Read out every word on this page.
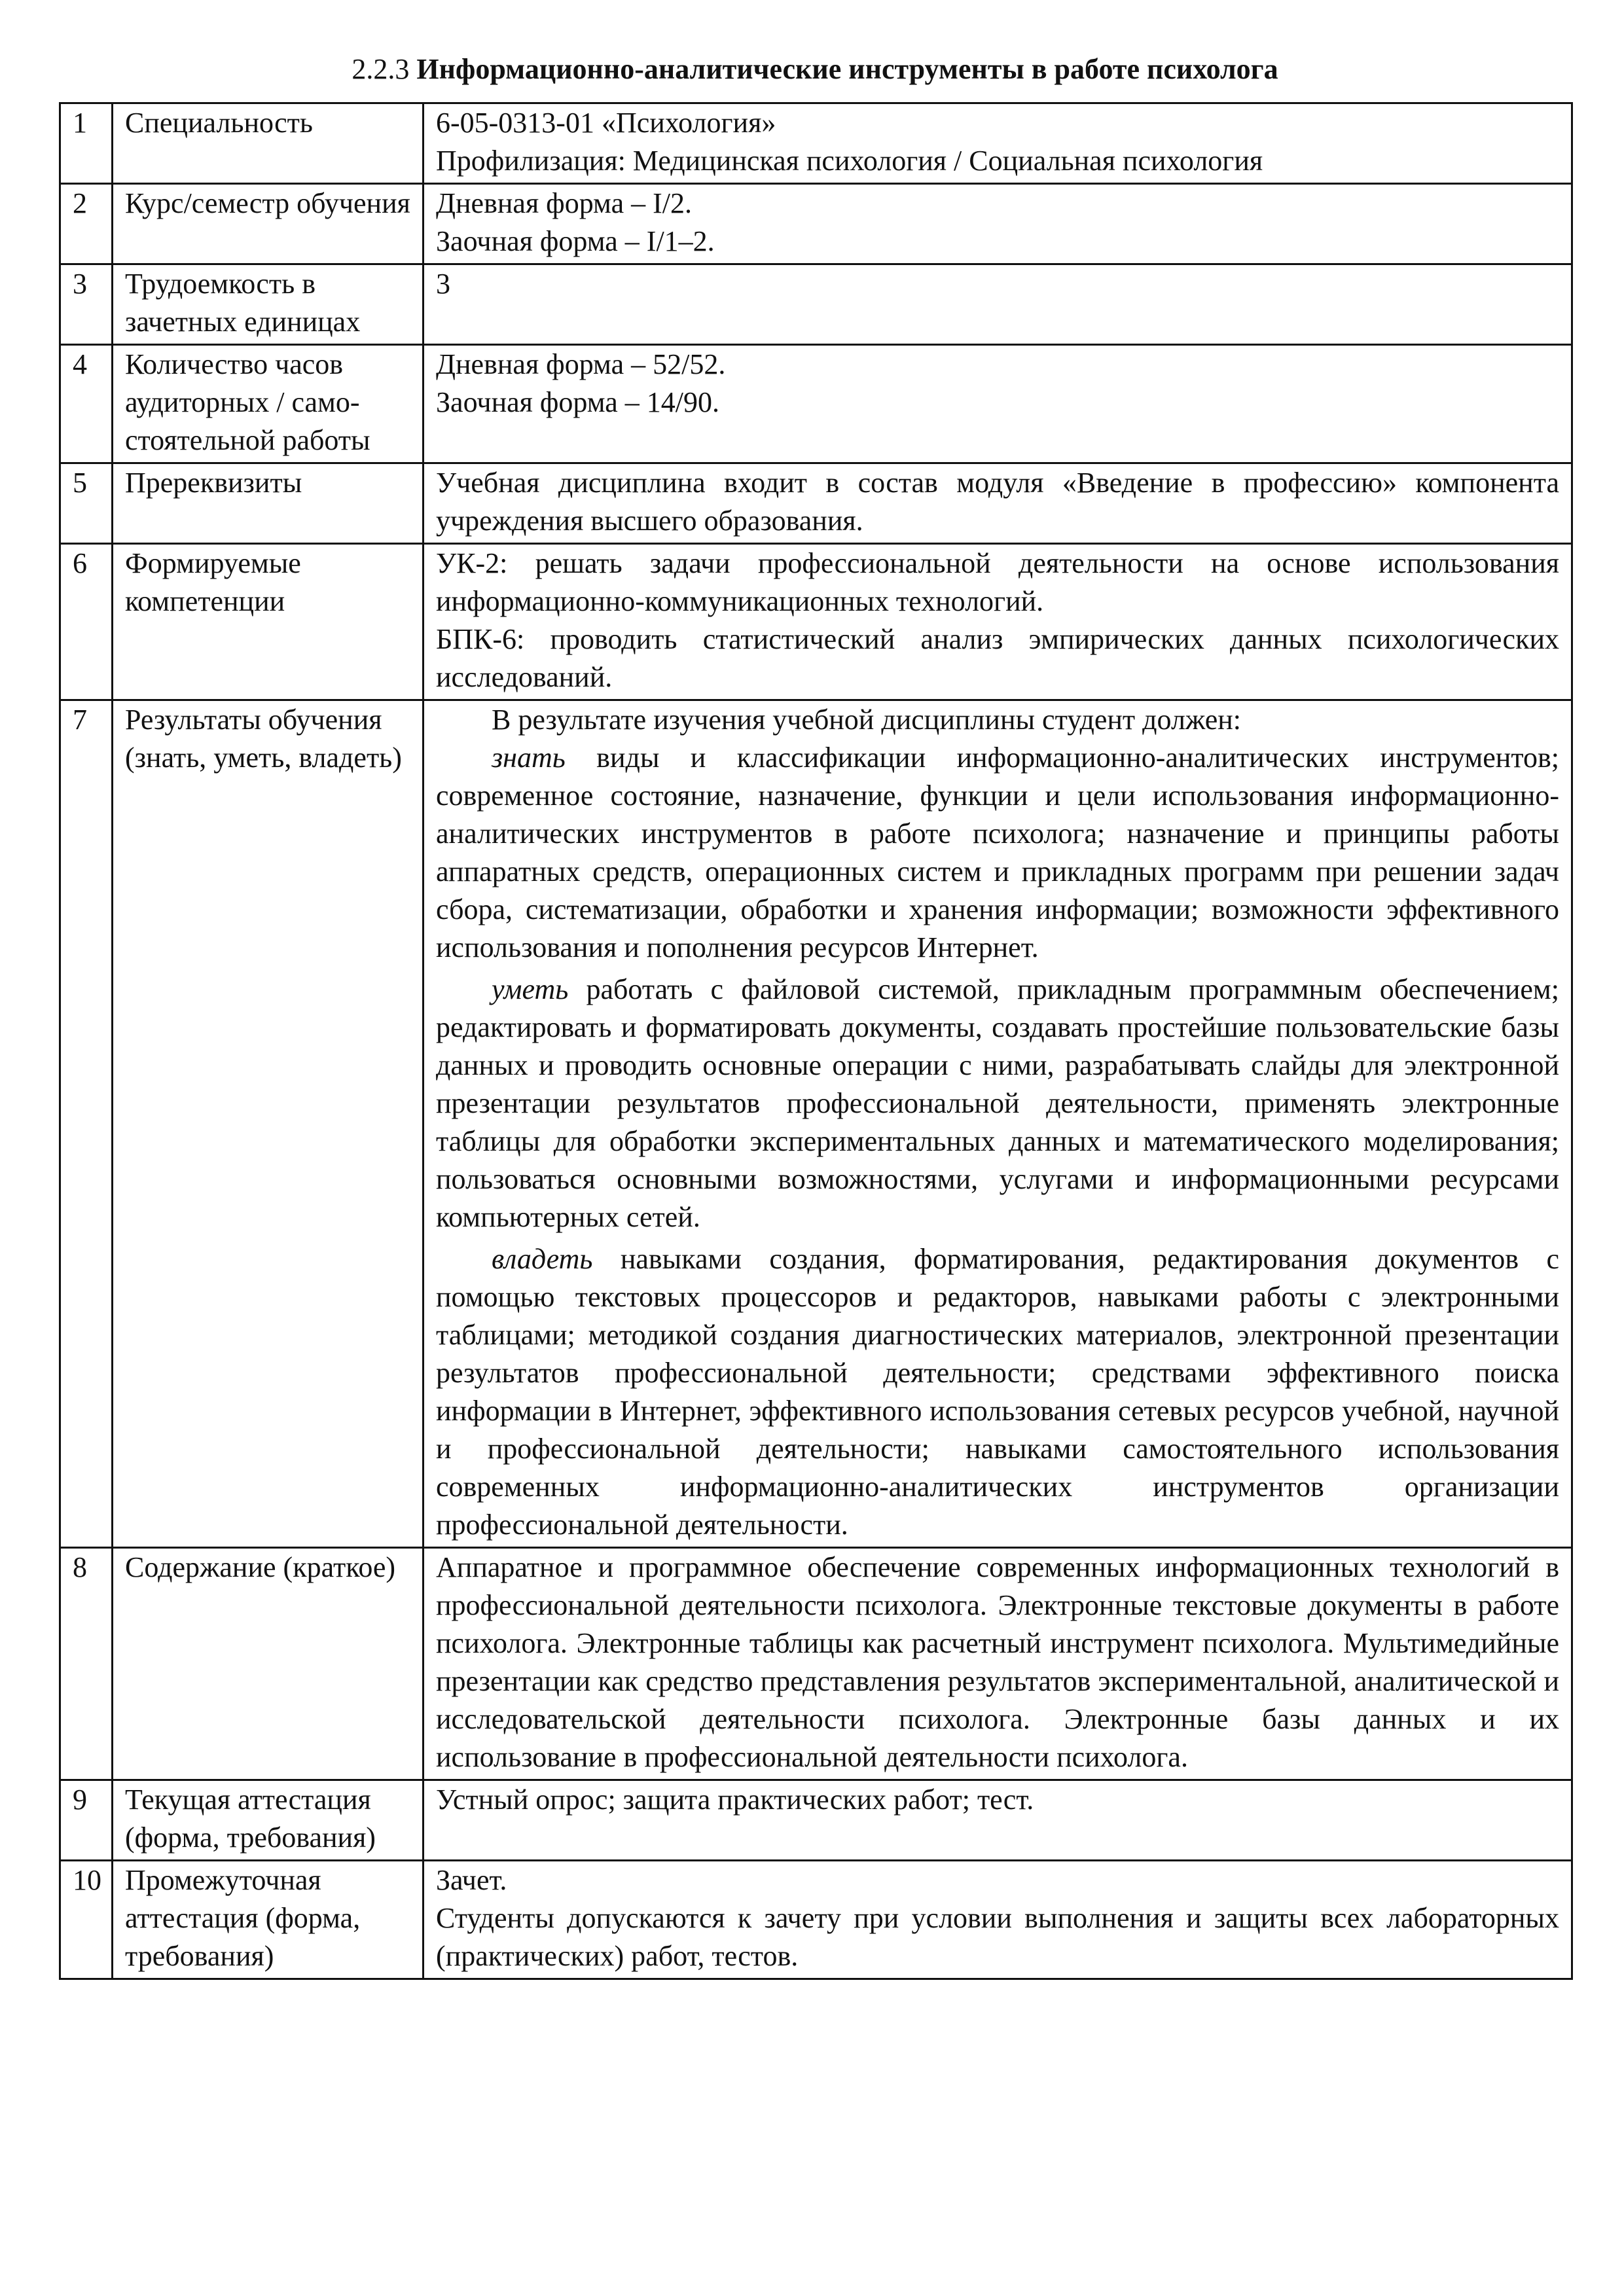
2.2.3 Информационно-аналитические инструменты в работе психолога
1	Специальность	6-05-0313-01 «Психология»
Профилизация: Медицинская психология / Социальная психология

2	Курс/семестр обучения	Дневная форма – I/2.
Заочная форма – I/1–2.

3	Трудоемкость в зачетных единицах	3

4	Количество часов аудиторных / само-стоятельной работы	Дневная форма – 52/52.
Заочная форма – 14/90.

5	Пререквизиты	Учебная дисциплина входит в состав модуля «Введение в профессию» компонента учреждения высшего образования.

6	Формируемые компетенции	УК-2: решать задачи профессиональной деятельности на основе использования информационно-коммуникационных технологий.
БПК-6: проводить статистический анализ эмпирических данных психологических исследований.

7	Результаты обучения (знать, уметь, владеть)	В результате изучения учебной дисциплины студент должен:
знать виды и классификации информационно-аналитических инструментов; современное состояние, назначение, функции и цели использования информационно-аналитических инструментов в работе психолога; назначение и принципы работы аппаратных средств, операционных систем и прикладных программ при решении задач сбора, систематизации, обработки и хранения информации; возможности эффективного использования и пополнения ресурсов Интернет.
уметь работать с файловой системой, прикладным программным обеспечением; редактировать и форматировать документы, создавать простейшие пользовательские базы данных и проводить основные операции с ними, разрабатывать слайды для электронной презентации результатов профессиональной деятельности, применять электронные таблицы для обработки экспериментальных данных и математического моделирования; пользоваться основными возможностями, услугами и информационными ресурсами компьютерных сетей.
владеть навыками создания, форматирования, редактирования документов с помощью текстовых процессоров и редакторов, навыками работы с электронными таблицами; методикой создания диагностических материалов, электронной презентации результатов профессиональной деятельности; средствами эффективного поиска информации в Интернет, эффективного использования сетевых ресурсов учебной, научной и профессиональной деятельности; навыками самостоятельного использования современных информационно-аналитических инструментов организации профессиональной деятельности.

8	Содержание (краткое)	Аппаратное и программное обеспечение современных информационных технологий в профессиональной деятельности психолога. Электронные текстовые документы в работе психолога. Электронные таблицы как расчетный инструмент психолога. Мультимедийные презентации как средство представления результатов экспериментальной, аналитической и исследовательской деятельности психолога. Электронные базы данных и их использование в профессиональной деятельности психолога.

9	Текущая аттестация (форма, требования)	Устный опрос; защита практических работ; тест.

10	Промежуточная аттестация (форма, требования)	Зачет.
Студенты допускаются к зачету при условии выполнения и защиты всех лабораторных (практических) работ, тестов.
